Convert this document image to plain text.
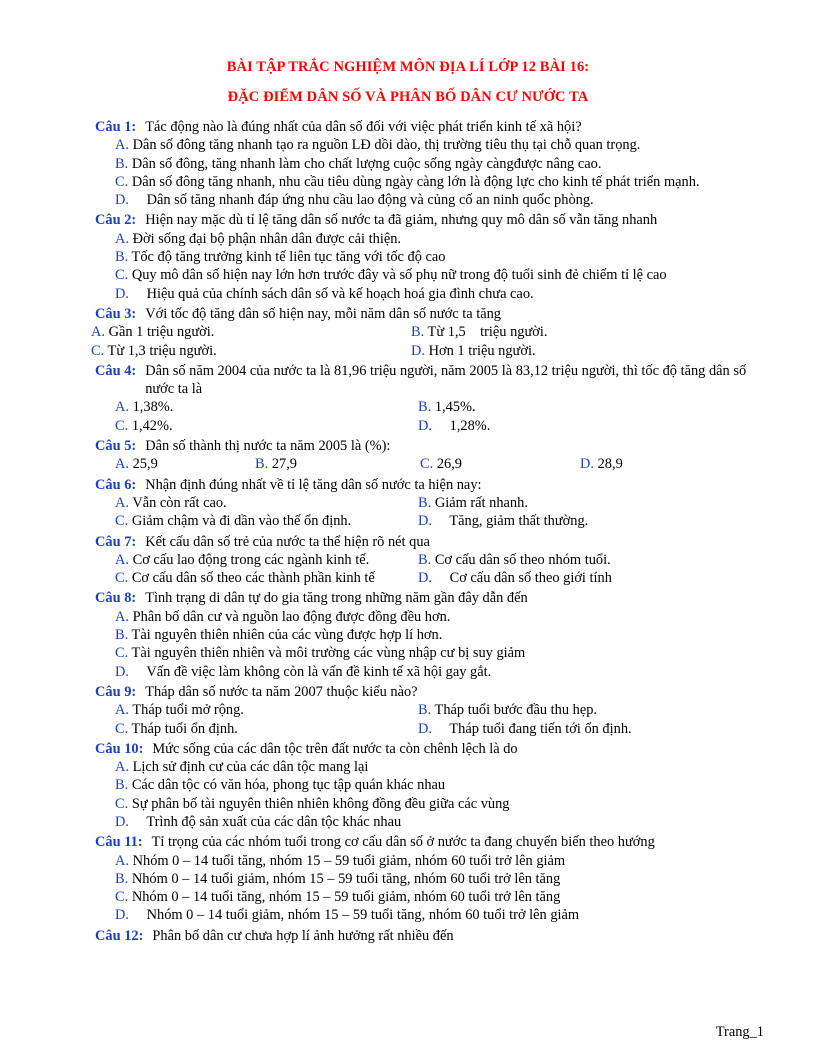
BÀI TẬP TRẮC NGHIỆM MÔN ĐỊA LÍ LỚP 12 BÀI 16:
ĐẶC ĐIỂM DÂN SỐ VÀ PHÂN BỐ DÂN CƯ NƯỚC TA
Câu 1: Tác động nào là đúng nhất của dân số đối với việc phát triển kinh tế xã hội?
A. Dân số đông tăng nhanh tạo ra nguồn LĐ dồi dào, thị trường tiêu thụ tại chỗ quan trọng.
B. Dân số đông, tăng nhanh làm cho chất lượng cuộc sống ngày càngđược nâng cao.
C. Dân số đông tăng nhanh, nhu cầu tiêu dùng ngày càng lớn là động lực cho kinh tế phát triển mạnh.
D. Dân số tăng nhanh đáp ứng nhu cầu lao động và củng cố an ninh quốc phòng.
Câu 2: Hiện nay mặc dù tỉ lệ tăng dân số nước ta đã giảm, nhưng quy mô dân số vẫn tăng nhanh
A. Đời sống đại bộ phận nhân dân được cải thiện.
B. Tốc độ tăng trưởng kinh tế liên tục tăng với tốc độ cao
C. Quy mô dân số hiện nay lớn hơn trước đây và số phụ nữ trong độ tuổi sinh đẻ chiếm tỉ lệ cao
D. Hiệu quả của chính sách dân số và kế hoạch hoá gia đình chưa cao.
Câu 3: Với tốc độ tăng dân số hiện nay, mỗi năm dân số nước ta tăng
A. Gần 1 triệu người.	B. Từ 1,5    triệu người.
C. Từ 1,3 triệu người.	D. Hơn 1 triệu người.
Câu 4: Dân số năm 2004 của nước ta là 81,96 triệu người, năm 2005 là 83,12 triệu người, thì tốc độ tăng dân số nước ta là
A. 1,38%.	B. 1,45%.
C. 1,42%.	D. 1,28%.
Câu 5: Dân số thành thị nước ta năm 2005 là (%):
A. 25,9	B. 27,9	C. 26,9	D. 28,9
Câu 6: Nhận định đúng nhất về tỉ lệ tăng dân số nước ta hiện nay:
A. Vẫn còn rất cao.	B. Giảm rất nhanh.
C. Giảm chậm và đi dần vào thế ổn định.	D. Tăng, giảm thất thường.
Câu 7: Kết cấu dân số trẻ của nước ta thể hiện rõ nét qua
A. Cơ cấu lao động trong các ngành kinh tế.	B. Cơ cấu dân số theo nhóm tuổi.
C. Cơ cấu dân số theo các thành phần kinh tế	D. Cơ cấu dân số theo giới tính
Câu 8: Tình trạng di dân tự do gia tăng trong những năm gần đây dẫn đến
A. Phân bố dân cư và nguồn lao động được đồng đều hơn.
B. Tài nguyên thiên nhiên của các vùng được hợp lí hơn.
C. Tài nguyên thiên nhiên và môi trường các vùng nhập cư bị suy giảm
D. Vấn đề việc làm không còn là vấn đề kinh tế xã hội gay gắt.
Câu 9: Tháp dân số nước ta năm 2007 thuộc kiểu nào?
A. Tháp tuổi mở rộng.	B. Tháp tuổi bước đầu thu hẹp.
C. Tháp tuổi ổn định.	D. Tháp tuổi đang tiến tới ổn định.
Câu 10: Mức sống của các dân tộc trên đất nước ta còn chênh lệch là do
A. Lịch sử định cư của các dân tộc mang lại
B. Các dân tộc có văn hóa, phong tục tập quán khác nhau
C. Sự phân bố tài nguyên thiên nhiên không đồng đều giữa các vùng
D. Trình độ sản xuất của các dân tộc khác nhau
Câu 11: Tỉ trọng của các nhóm tuổi trong cơ cấu dân số ở nước ta đang chuyển biến theo hướng
A. Nhóm 0 – 14 tuổi tăng, nhóm 15 – 59 tuổi giảm, nhóm 60 tuổi trở lên giảm
B. Nhóm 0 – 14 tuổi giảm, nhóm 15 – 59 tuổi tăng, nhóm 60 tuổi trở lên tăng
C. Nhóm 0 – 14 tuổi tăng, nhóm 15 – 59 tuổi giảm, nhóm 60 tuổi trở lên tăng
D. Nhóm 0 – 14 tuổi giảm, nhóm 15 – 59 tuổi tăng, nhóm 60 tuổi trở lên giảm
Câu 12: Phân bố dân cư chưa hợp lí ảnh hưởng rất nhiều đến
Trang_1
